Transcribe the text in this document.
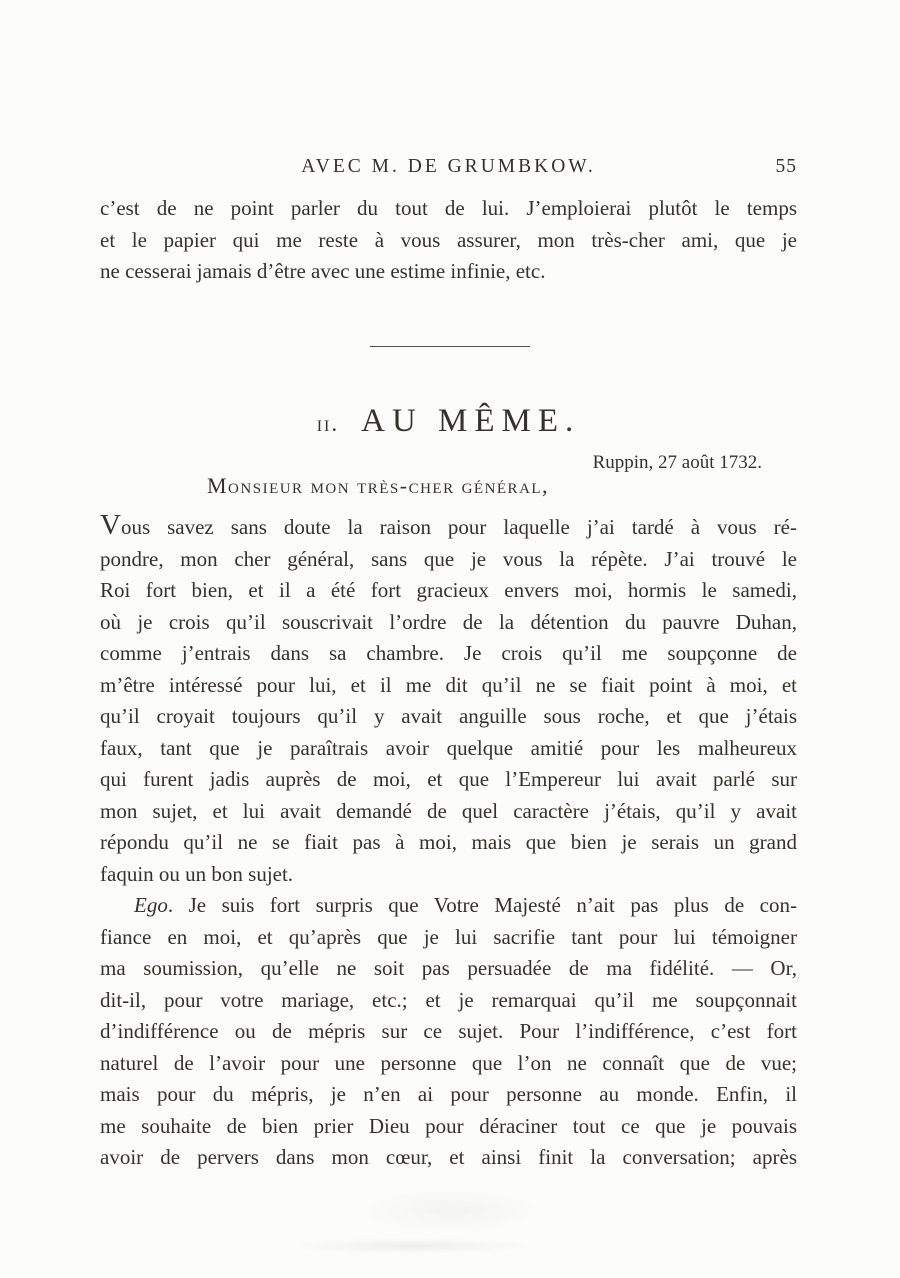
AVEC M. DE GRUMBKOW.	55
c’est de ne point parler du tout de lui. J’emploierai plutôt le temps
et le papier qui me reste à vous assurer, mon très-cher ami, que je
ne cesserai jamais d’être avec une estime infinie, etc.
ii. AU MÊME.
Ruppin, 27 août 1732.
Monsieur mon très-cher général,
Vous savez sans doute la raison pour laquelle j’ai tardé à vous ré-
pondre, mon cher général, sans que je vous la répète. J’ai trouvé le
Roi fort bien, et il a été fort gracieux envers moi, hormis le samedi,
où je crois qu’il souscrivait l’ordre de la détention du pauvre Duhan,
comme j’entrais dans sa chambre. Je crois qu’il me soupçonne de
m’être intéressé pour lui, et il me dit qu’il ne se fiait point à moi, et
qu’il croyait toujours qu’il y avait anguille sous roche, et que j’étais
faux, tant que je paraîtrais avoir quelque amitié pour les malheureux
qui furent jadis auprès de moi, et que l’Empereur lui avait parlé sur
mon sujet, et lui avait demandé de quel caractère j’étais, qu’il y avait
répondu qu’il ne se fiait pas à moi, mais que bien je serais un grand
faquin ou un bon sujet.
Ego. Je suis fort surpris que Votre Majesté n’ait pas plus de con-
fiance en moi, et qu’après que je lui sacrifie tant pour lui témoigner
ma soumission, qu’elle ne soit pas persuadée de ma fidélité. — Or,
dit-il, pour votre mariage, etc.; et je remarquai qu’il me soupçonnait
d’indifférence ou de mépris sur ce sujet. Pour l’indifférence, c’est fort
naturel de l’avoir pour une personne que l’on ne connaît que de vue;
mais pour du mépris, je n’en ai pour personne au monde. Enfin, il
me souhaite de bien prier Dieu pour déraciner tout ce que je pouvais
avoir de pervers dans mon cœur, et ainsi finit la conversation; après
